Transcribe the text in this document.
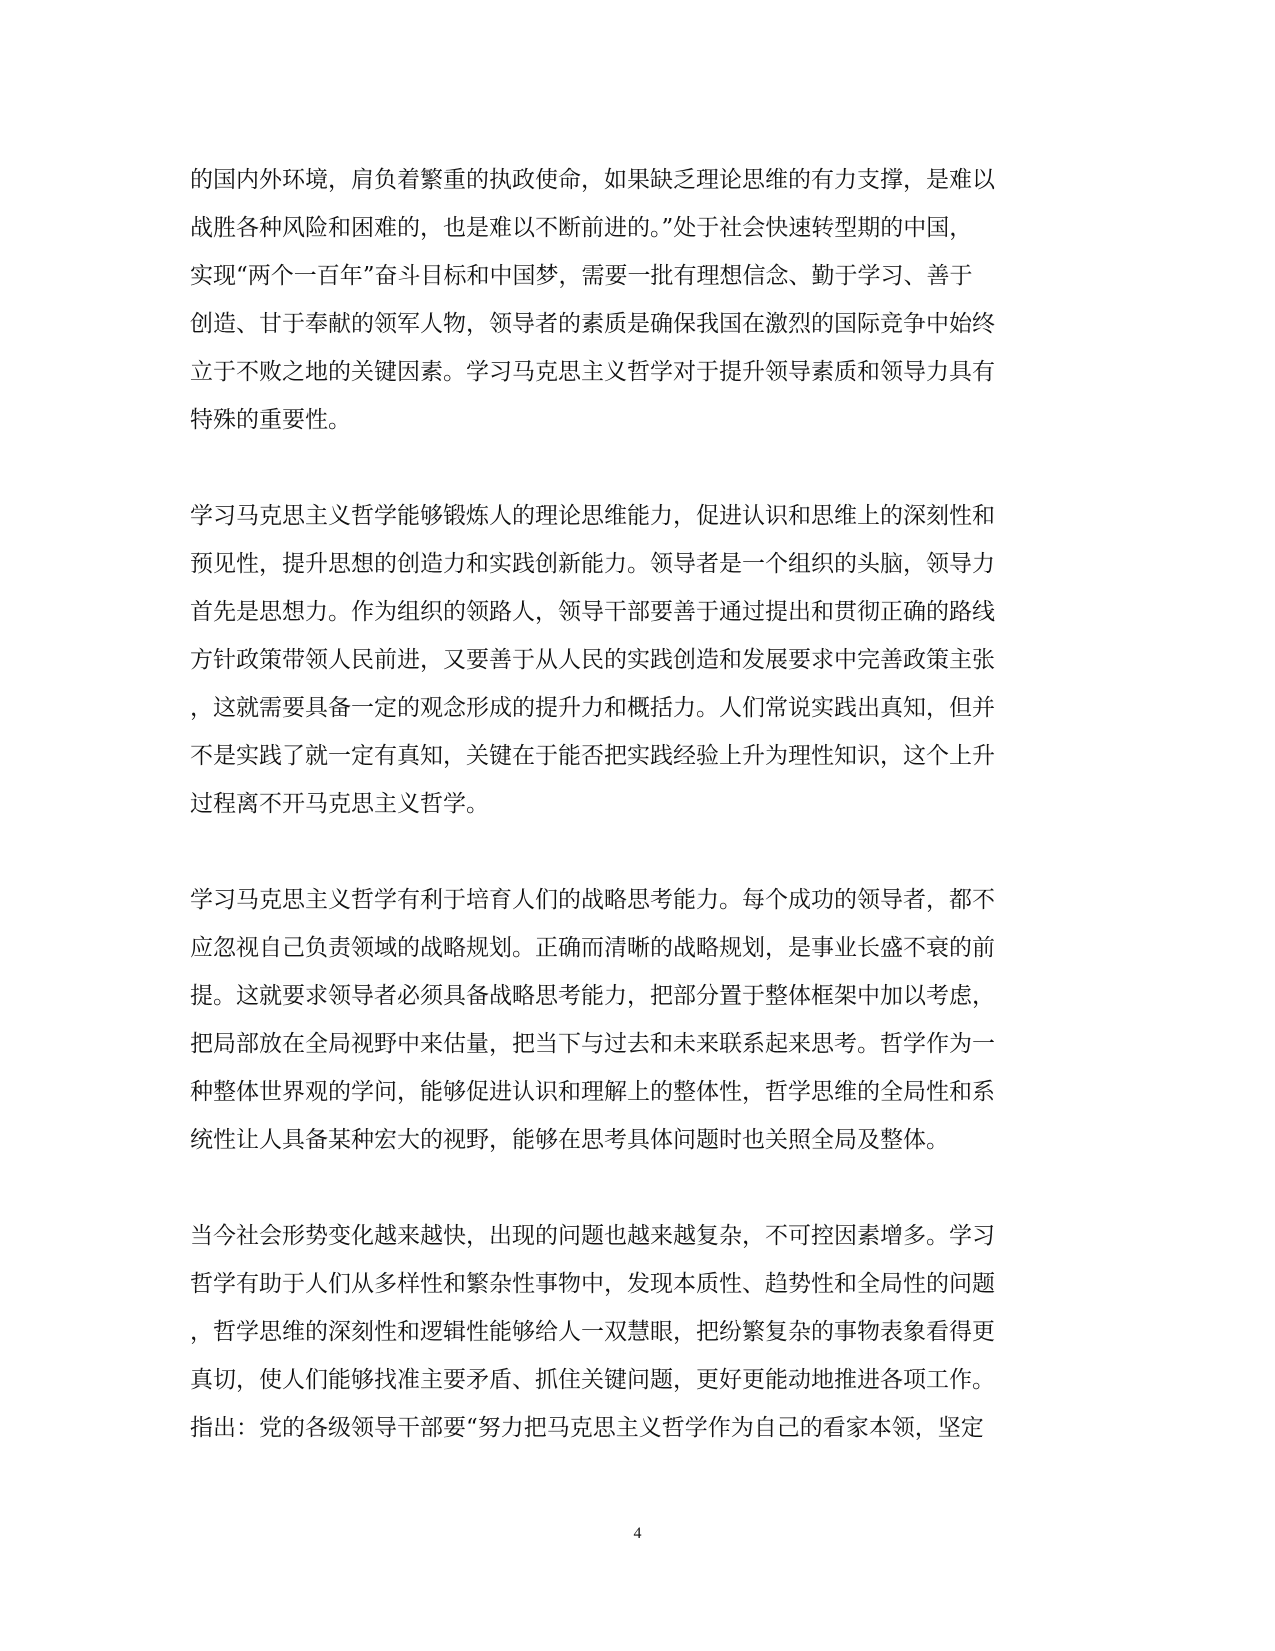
的国内外环境，肩负着繁重的执政使命，如果缺乏理论思维的有力支撑，是难以
战胜各种风险和困难的，也是难以不断前进的。”处于社会快速转型期的中国，
实现“两个一百年”奋斗目标和中国梦，需要一批有理想信念、勤于学习、善于
创造、甘于奉献的领军人物，领导者的素质是确保我国在激烈的国际竞争中始终
立于不败之地的关键因素。学习马克思主义哲学对于提升领导素质和领导力具有
特殊的重要性。

学习马克思主义哲学能够锻炼人的理论思维能力，促进认识和思维上的深刻性和
预见性，提升思想的创造力和实践创新能力。领导者是一个组织的头脑，领导力
首先是思想力。作为组织的领路人，领导干部要善于通过提出和贯彻正确的路线
方针政策带领人民前进，又要善于从人民的实践创造和发展要求中完善政策主张
，这就需要具备一定的观念形成的提升力和概括力。人们常说实践出真知，但并
不是实践了就一定有真知，关键在于能否把实践经验上升为理性知识，这个上升
过程离不开马克思主义哲学。

学习马克思主义哲学有利于培育人们的战略思考能力。每个成功的领导者，都不
应忽视自己负责领域的战略规划。正确而清晰的战略规划，是事业长盛不衰的前
提。这就要求领导者必须具备战略思考能力，把部分置于整体框架中加以考虑，
把局部放在全局视野中来估量，把当下与过去和未来联系起来思考。哲学作为一
种整体世界观的学问，能够促进认识和理解上的整体性，哲学思维的全局性和系
统性让人具备某种宏大的视野，能够在思考具体问题时也关照全局及整体。

当今社会形势变化越来越快，出现的问题也越来越复杂，不可控因素增多。学习
哲学有助于人们从多样性和繁杂性事物中，发现本质性、趋势性和全局性的问题
，哲学思维的深刻性和逻辑性能够给人一双慧眼，把纷繁复杂的事物表象看得更
真切，使人们能够找准主要矛盾、抓住关键问题，更好更能动地推进各项工作。
指出：党的各级领导干部要“努力把马克思主义哲学作为自己的看家本领，坚定

4
